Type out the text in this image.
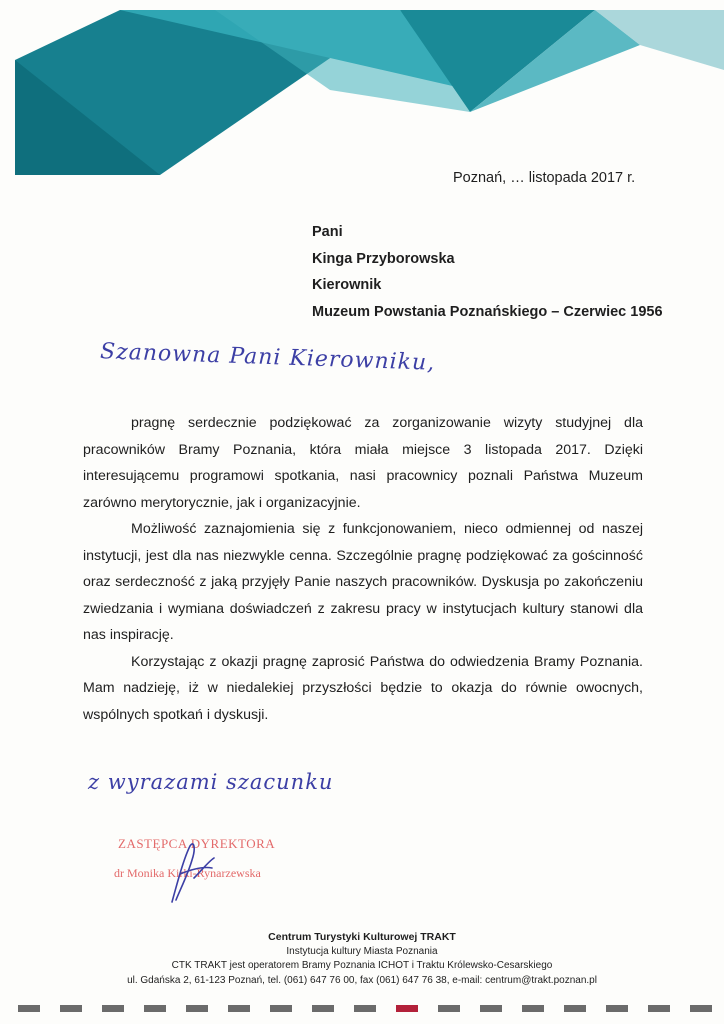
Poznań, … listopada 2017 r.
Pani
Kinga Przyborowska
Kierownik
Muzeum Powstania Poznańskiego – Czerwiec 1956
Szanowna Pani Kierowniku,

pragnę serdecznie podziękować za zorganizowanie wizyty studyjnej dla pracowników Bramy Poznania, która miała miejsce 3 listopada 2017. Dzięki interesującemu programowi spotkania, nasi pracownicy poznali Państwa Muzeum zarówno merytorycznie, jak i organizacyjnie.

Możliwość zaznajomienia się z funkcjonowaniem, nieco odmiennej od naszej instytucji, jest dla nas niezwykle cenna. Szczególnie pragnę podziękować za gościnność oraz serdeczność z jaką przyjęły Panie naszych pracowników. Dyskusja po zakończeniu zwiedzania i wymiana doświadczeń z zakresu pracy w instytucjach kultury stanowi dla nas inspirację.

Korzystając z okazji pragnę zaprosić Państwa do odwiedzenia Bramy Poznania. Mam nadzieję, iż w niedalekiej przyszłości będzie to okazja do równie owocnych, wspólnych spotkań i dyskusji.

z wyrazami szacunku
ZASTĘPCA DYREKTORA
dr Monika Kirki-Rynarzewska
Centrum Turystyki Kulturowej TRAKT
Instytucja kultury Miasta Poznania
CTK TRAKT jest operatorem Bramy Poznania ICHOT i Traktu Królewsko-Cesarskiego
ul. Gdańska 2, 61-123 Poznań, tel. (061) 647 76 00, fax (061) 647 76 38, e-mail: centrum@trakt.poznan.pl
